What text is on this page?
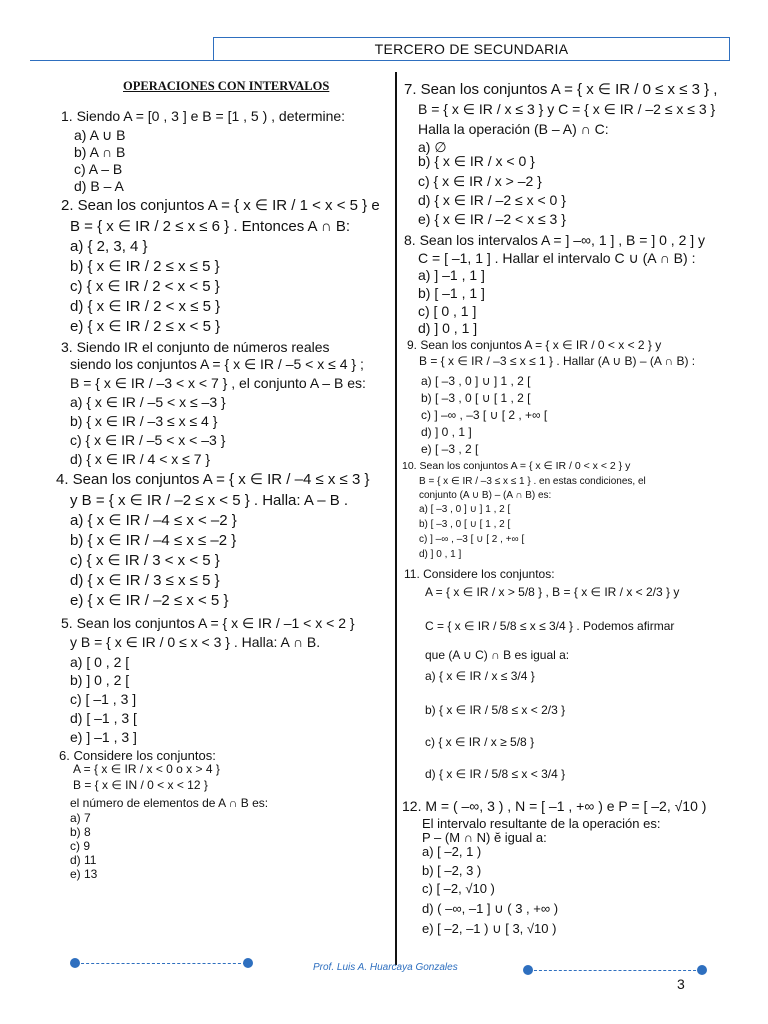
TERCERO DE SECUNDARIA
OPERACIONES CON INTERVALOS
1. Siendo A = [0 , 3 ] e B = [1 , 5 ) , determine:
a) A ∪ B
b) A ∩ B
c) A – B
d) B – A
2. Sean los conjuntos A = { x ∈ IR / 1 < x < 5 } e
B = { x ∈ IR / 2 ≤ x ≤ 6 } . Entonces A ∩ B:
a) { 2, 3, 4 }
b) { x ∈ IR / 2 ≤ x ≤ 5 }
c) { x ∈ IR / 2 < x < 5 }
d) { x ∈ IR / 2 < x ≤ 5 }
e) { x ∈ IR / 2 ≤ x < 5 }
3. Siendo IR el conjunto de números reales
siendo los conjuntos A = { x ∈ IR / –5 < x ≤ 4 } ;
B = { x ∈ IR / –3 < x < 7 } , el conjunto A – B es:
a) { x ∈ IR / –5 < x ≤ –3 }
b) { x ∈ IR / –3 ≤ x ≤ 4 }
c) { x ∈ IR / –5 < x < –3 }
d) { x ∈ IR / 4 < x ≤ 7 }
4. Sean los conjuntos A = { x ∈ IR / –4 ≤ x ≤ 3 }
y B = { x ∈ IR / –2 ≤ x < 5 } . Halla: A – B .
a) { x ∈ IR / –4 ≤ x < –2 }
b) { x ∈ IR / –4 ≤ x ≤ –2 }
c) { x ∈ IR / 3 < x < 5 }
d) { x ∈ IR / 3 ≤ x ≤ 5 }
e) { x ∈ IR / –2 ≤ x < 5 }
5. Sean los conjuntos A = { x ∈ IR / –1 < x < 2 }
y B = { x ∈ IR / 0 ≤ x < 3 } . Halla: A ∩ B.
a) [ 0 , 2 [
b) ] 0 , 2 [
c) [ –1 , 3 ]
d) [ –1 , 3 [
e) ] –1 , 3 ]
6. Considere los conjuntos:
A = { x ∈ IR / x < 0 o x > 4 }
B = { x ∈ IN / 0 < x < 12 }
el número de elementos de A ∩ B es:
a) 7
b) 8
c) 9
d) 11
e) 13
7. Sean los conjuntos A = { x ∈ IR / 0 ≤ x ≤ 3 } ,
B = { x ∈ IR / x ≤ 3 } y C = { x ∈ IR / –2 ≤ x ≤ 3 }
Halla la operación (B – A) ∩ C:
a) ∅
b) { x ∈ IR / x < 0 }
c) { x ∈ IR / x > –2 }
d) { x ∈ IR / –2 ≤ x < 0 }
e) { x ∈ IR / –2 < x ≤ 3 }
8. Sean los intervalos A = ] –∞, 1 ] , B = ] 0 , 2 ] y
C = [ –1, 1 ] . Hallar el intervalo C ∪ (A ∩ B) :
a) ] –1 , 1 ]
b) [ –1 , 1 ]
c) [ 0 , 1 ]
d) ] 0 , 1 ]
9. Sean los conjuntos A = { x ∈ IR / 0 < x < 2 } y
B = { x ∈ IR / –3 ≤ x ≤ 1 } . Hallar (A ∪ B) – (A ∩ B) :
a) [ –3 , 0 ] ∪ ] 1 , 2 [
b) [ –3 , 0 [ ∪ [ 1 , 2 [
c) ] –∞ , –3 [ ∪ [ 2 , +∞ [
d) ] 0 , 1 ]
e) [ –3 , 2 [
10. Sean los conjuntos A = { x ∈ IR / 0 < x < 2 } y
B = { x ∈ IR / –3 ≤ x ≤ 1 } . en estas condiciones, el
conjunto (A ∪ B) – (A ∩ B) es:
a) [ –3 , 0 ] ∪ ] 1 , 2 [
b) [ –3 , 0 [ ∪ [ 1 , 2 [
c) ] –∞ , –3 [ ∪ [ 2 , +∞ [
d) ] 0 , 1 ]
11. Considere los conjuntos:
A = { x ∈ IR / x > 5/8 } , B = { x ∈ IR / x < 2/3 } y
C = { x ∈ IR / 5/8 ≤ x ≤ 3/4 } . Podemos afirmar
que (A ∪ C) ∩ B es igual a:
a) { x ∈ IR / x ≤ 3/4 }
b) { x ∈ IR / 5/8 ≤ x < 2/3 }
c) { x ∈ IR / x ≥ 5/8 }
d) { x ∈ IR / 5/8 ≤ x < 3/4 }
12. M = ( –∞, 3 ) , N = [ –1 , +∞ ) e P = [ –2, √10 )
El intervalo resultante de la operación es:
P – (M ∩ N) ĕ igual a:
a) [ –2, 1 )
b) [ –2, 3 )
c) [ –2, √10 )
d) ( –∞, –1 ] ∪ ( 3 , +∞ )
e) [ –2, –1 ) ∪ [ 3, √10 )
Prof. Luis A. Huarcaya Gonzales
3
